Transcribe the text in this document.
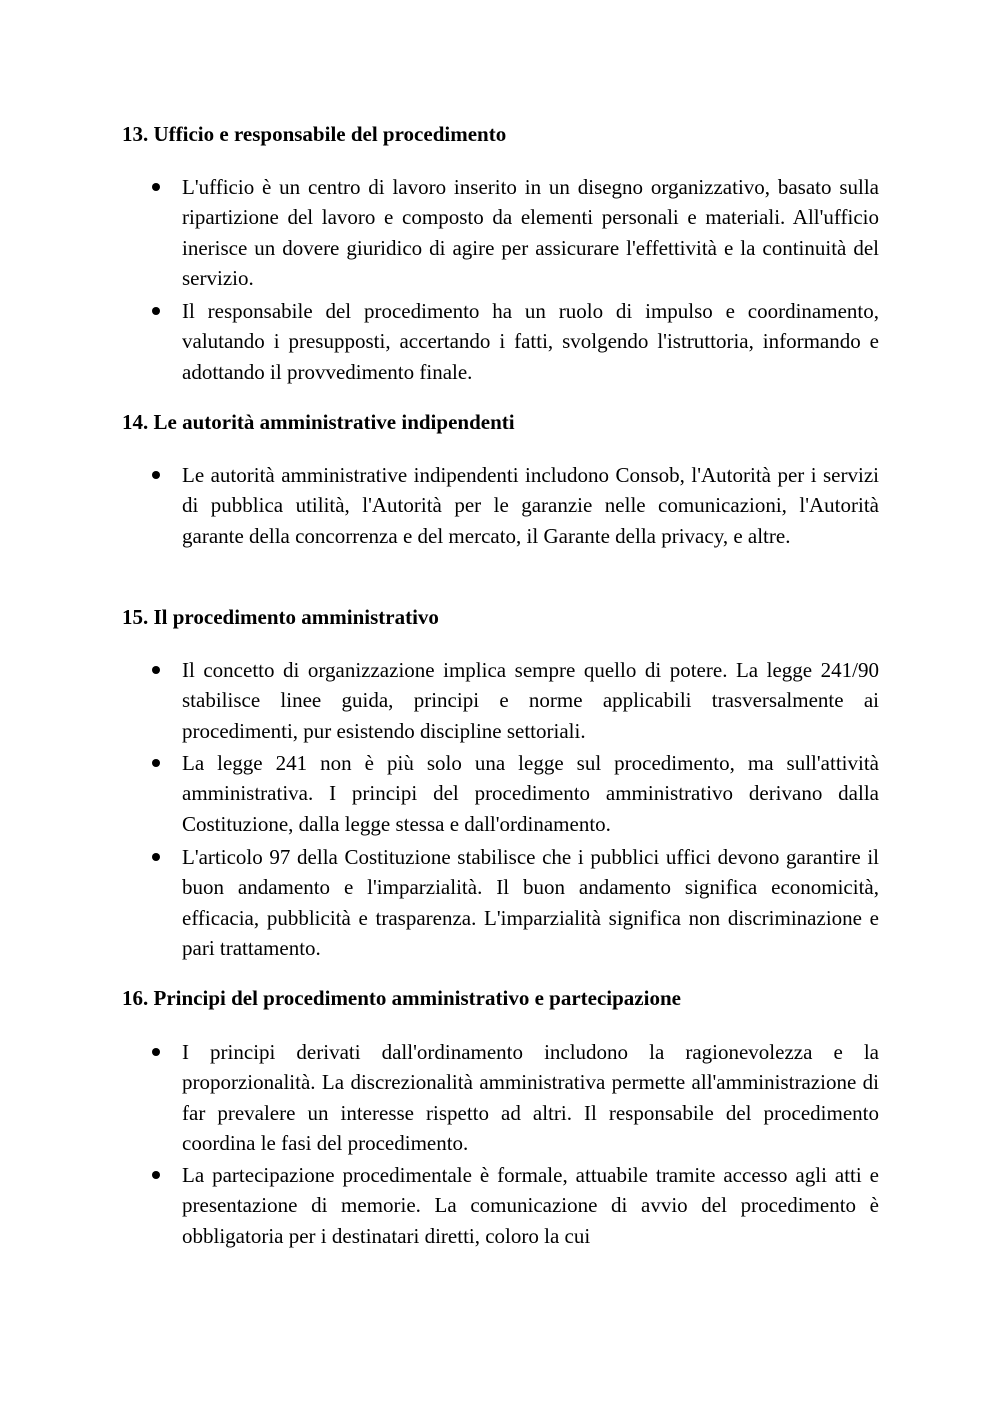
13. Ufficio e responsabile del procedimento

L'ufficio è un centro di lavoro inserito in un disegno organizzativo, basato sulla ripartizione del lavoro e composto da elementi personali e materiali. All'ufficio inerisce un dovere giuridico di agire per assicurare l'effettività e la continuità del servizio.

Il responsabile del procedimento ha un ruolo di impulso e coordinamento, valutando i presupposti, accertando i fatti, svolgendo l'istruttoria, informando e adottando il provvedimento finale.

14. Le autorità amministrative indipendenti

Le autorità amministrative indipendenti includono Consob, l'Autorità per i servizi di pubblica utilità, l'Autorità per le garanzie nelle comunicazioni, l'Autorità garante della concorrenza e del mercato, il Garante della privacy, e altre.

15. Il procedimento amministrativo

Il concetto di organizzazione implica sempre quello di potere. La legge 241/90 stabilisce linee guida, principi e norme applicabili trasversalmente ai procedimenti, pur esistendo discipline settoriali.

La legge 241 non è più solo una legge sul procedimento, ma sull'attività amministrativa. I principi del procedimento amministrativo derivano dalla Costituzione, dalla legge stessa e dall'ordinamento.

L'articolo 97 della Costituzione stabilisce che i pubblici uffici devono garantire il buon andamento e l'imparzialità. Il buon andamento significa economicità, efficacia, pubblicità e trasparenza. L'imparzialità significa non discriminazione e pari trattamento.

16. Principi del procedimento amministrativo e partecipazione

I principi derivati dall'ordinamento includono la ragionevolezza e la proporzionalità. La discrezionalità amministrativa permette all'amministrazione di far prevalere un interesse rispetto ad altri. Il responsabile del procedimento coordina le fasi del procedimento.

La partecipazione procedimentale è formale, attuabile tramite accesso agli atti e presentazione di memorie. La comunicazione di avvio del procedimento è obbligatoria per i destinatari diretti, coloro la cui
